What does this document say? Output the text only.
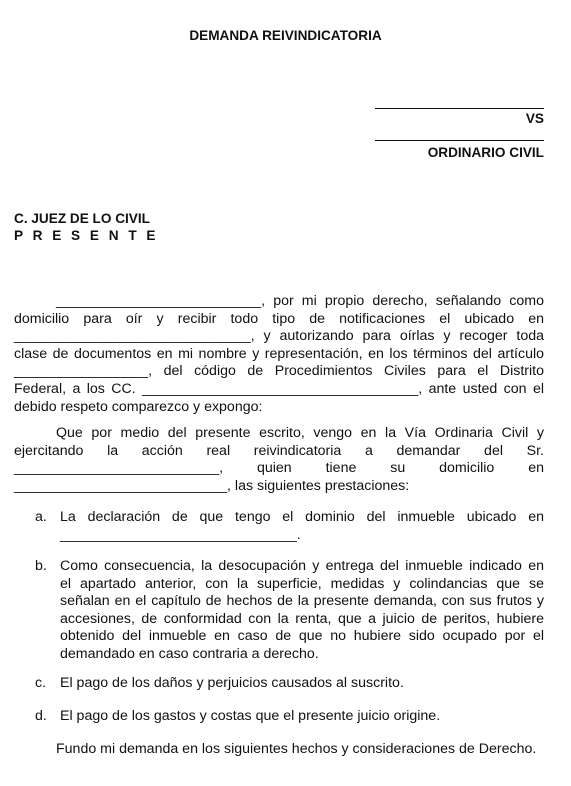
DEMANDA REIVINDICATORIA
VS
ORDINARIO CIVIL
C. JUEZ DE LO CIVIL
P R E S E N T E
__________________________, por mi propio derecho, señalando como
domicilio para oír y recibir todo tipo de notificaciones el ubicado en
______________________________, y autorizando para oírlas y recoger toda
clase de documentos en mi nombre y representación, en los términos del artículo
_________________, del código de Procedimientos Civiles para el Distrito
Federal, a los CC. ___________________________________, ante usted con el
debido respeto comparezco y expongo:
Que por medio del presente escrito, vengo en la Vía Ordinaria Civil y
ejercitando la acción real reivindicatoria a demandar del Sr.
__________________________, quien tiene su domicilio en
___________________________, las siguientes prestaciones:
a. La declaración de que tengo el dominio del inmueble ubicado en
______________________________.
b. Como consecuencia, la desocupación y entrega del inmueble indicado en
el apartado anterior, con la superficie, medidas y colindancias que se
señalan en el capítulo de hechos de la presente demanda, con sus frutos y
accesiones, de conformidad con la renta, que a juicio de peritos, hubiere
obtenido del inmueble en caso de que no hubiere sido ocupado por el
demandado en caso contraria a derecho.
c. El pago de los daños y perjuicios causados al suscrito.
d. El pago de los gastos y costas que el presente juicio origine.
Fundo mi demanda en los siguientes hechos y consideraciones de Derecho.
